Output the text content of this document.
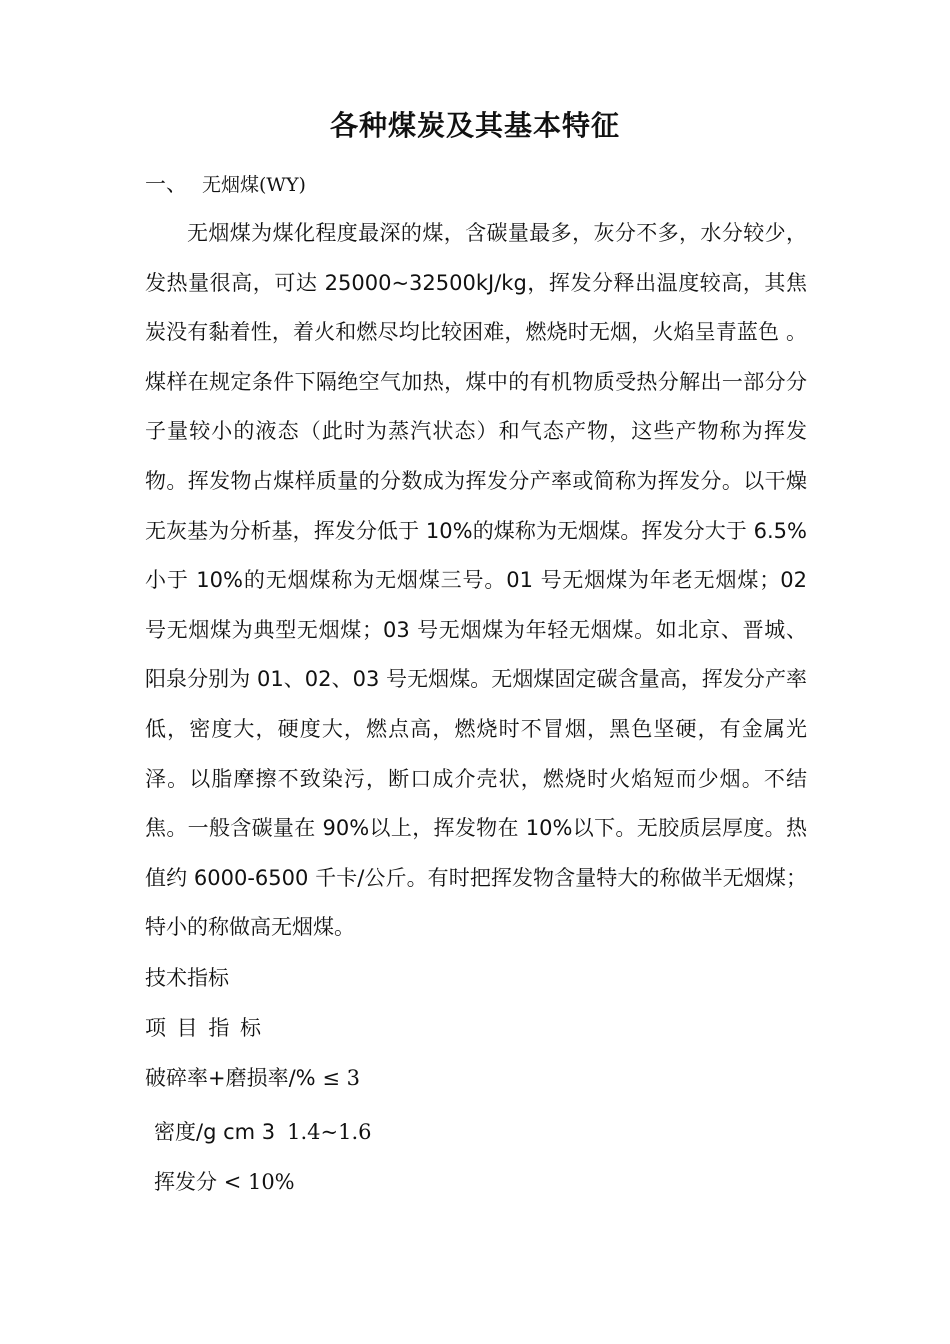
各种煤炭及其基本特征
一、 无烟煤(WY)

无烟煤为煤化程度最深的煤，含碳量最多，灰分不多，水分较少，发热量很高，可达 25000~32500kJ/kg，挥发分释出温度较高，其焦炭没有黏着性，着火和燃尽均比较困难，燃烧时无烟，火焰呈青蓝色 。煤样在规定条件下隔绝空气加热，煤中的有机物质受热分解出一部分分子量较小的液态（此时为蒸汽状态）和气态产物，这些产物称为挥发物。挥发物占煤样质量的分数成为挥发分产率或简称为挥发分。以干燥无灰基为分析基，挥发分低于 10%的煤称为无烟煤。挥发分大于 6.5%小于 10%的无烟煤称为无烟煤三号。01 号无烟煤为年老无烟煤；02 号无烟煤为典型无烟煤；03 号无烟煤为年轻无烟煤。如北京、晋城、阳泉分别为 01、02、03 号无烟煤。无烟煤固定碳含量高，挥发分产率低，密度大，硬度大，燃点高，燃烧时不冒烟，黑色坚硬，有金属光泽。以脂摩擦不致染污，断口成介壳状，燃烧时火焰短而少烟。不结焦。一般含碳量在 90%以上，挥发物在 10%以下。无胶质层厚度。热值约 6000-6500 千卡/公斤。有时把挥发物含量特大的称做半无烟煤；特小的称做高无烟煤。

技术指标
项 目 指 标
破碎率+磨损率/% ≤ 3
密度/g cm 3 1.4~1.6
挥发分 < 10%
